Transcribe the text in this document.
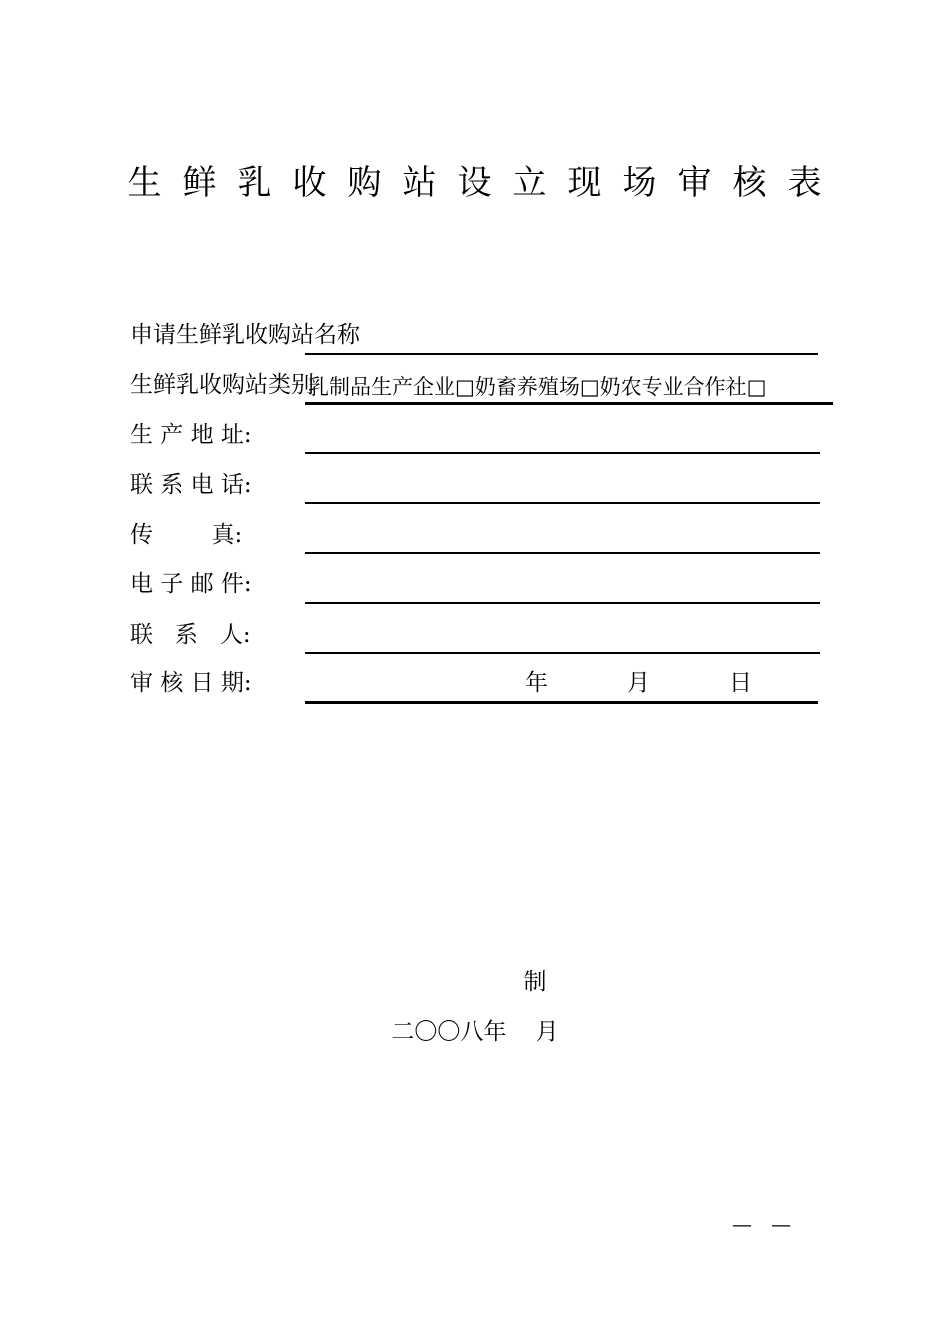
生鲜乳收购站设立现场审核表
申请生鲜乳收购站名称
生鲜乳收购站类别
乳制品生产企业□奶畜养殖场□奶农专业合作社□
生 产 地 址:
联 系 电 话:
传        真:
电 子 邮 件:
联   系   人:
审 核 日 期:	年	月	日
制
二〇〇八年    月
—   —
